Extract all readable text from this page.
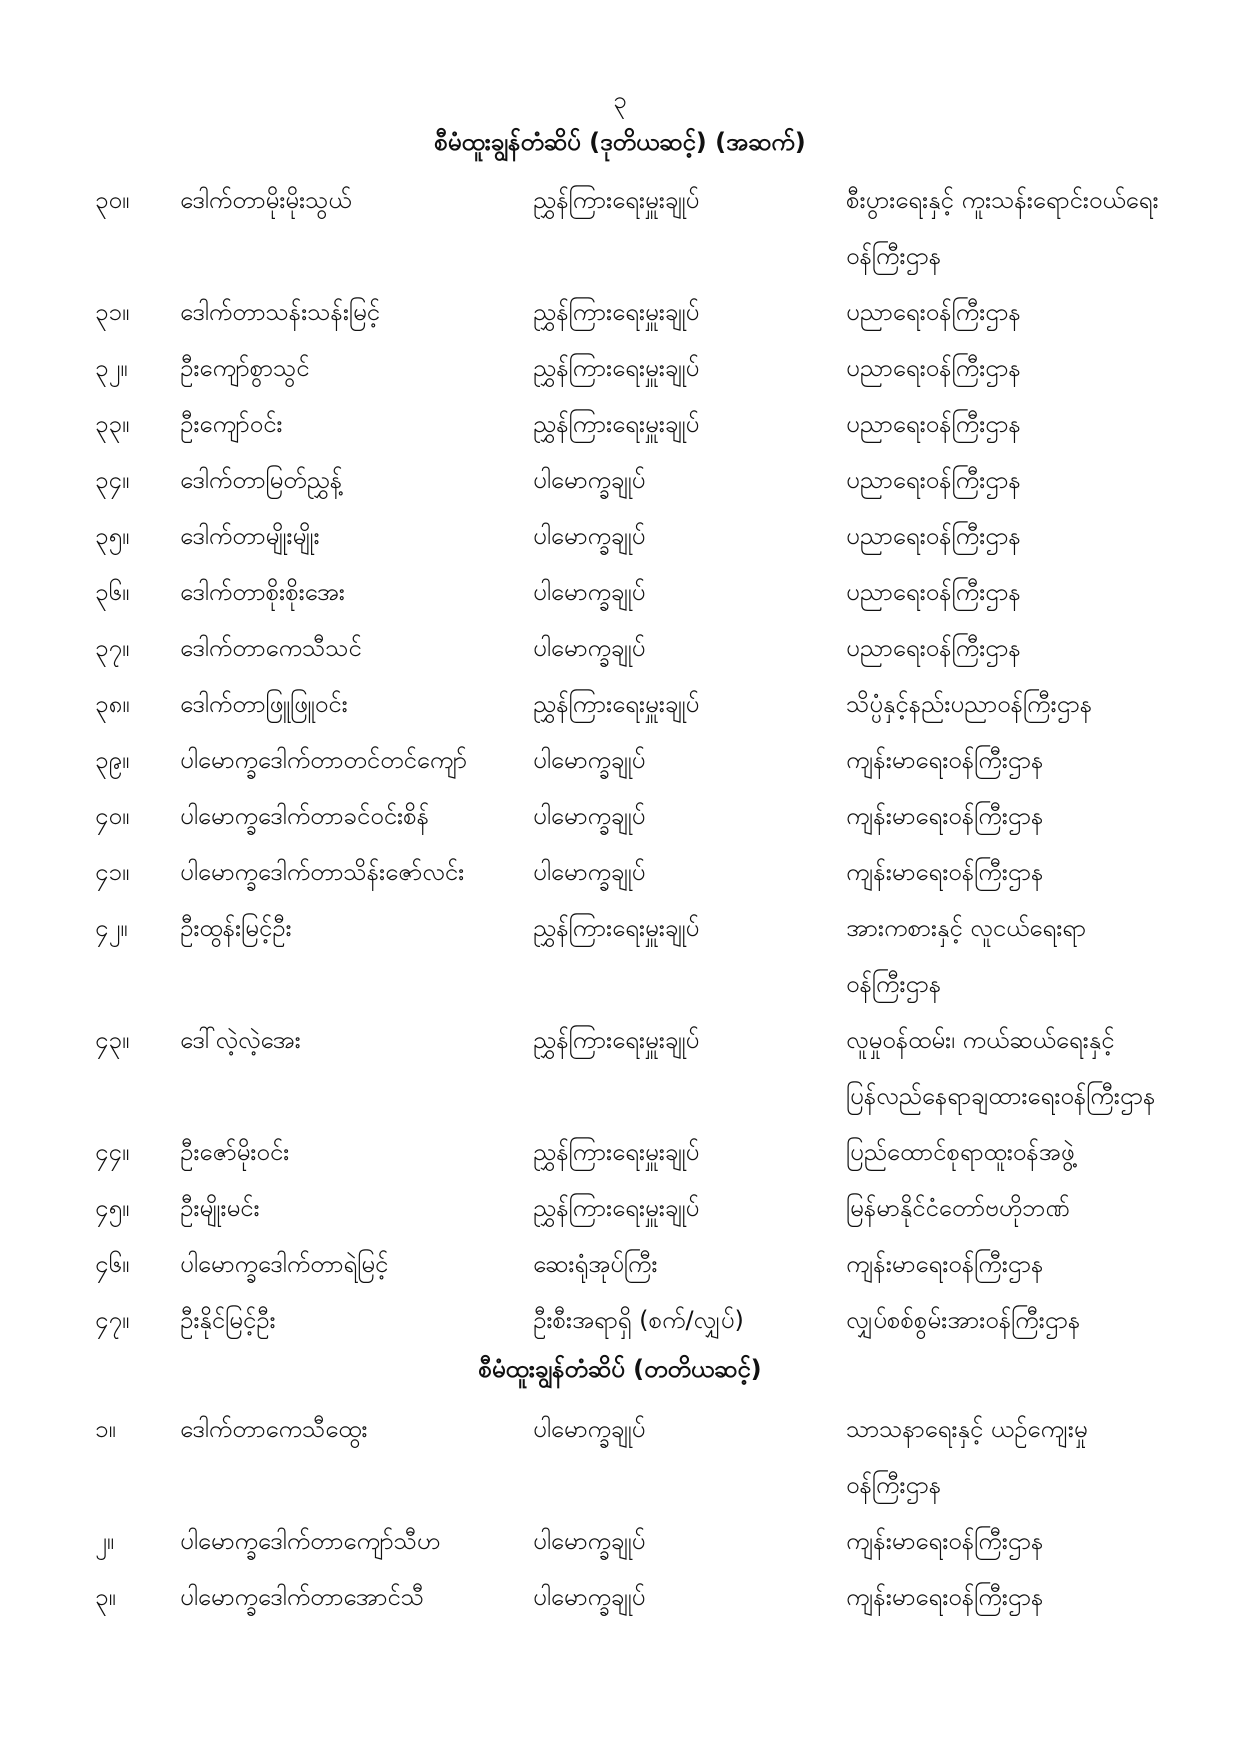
၃
စီမံထူးချွန်တံဆိပ် (ဒုတိယဆင့်) (အဆက်)
၃၀။ ဒေါက်တာမိုးမိုးသွယ်	ညွှန်ကြားရေးမှူးချုပ်	စီးပွားရေးနှင့် ကူးသန်းရောင်းဝယ်ရေး
ဝန်ကြီးဌာန
၃၁။ ဒေါက်တာသန်းသန်းမြင့်	ညွှန်ကြားရေးမှူးချုပ်	ပညာရေးဝန်ကြီးဌာန
၃၂။ ဦးကျော်စွာသွင်	ညွှန်ကြားရေးမှူးချုပ်	ပညာရေးဝန်ကြီးဌာန
၃၃။ ဦးကျော်ဝင်း	ညွှန်ကြားရေးမှူးချုပ်	ပညာရေးဝန်ကြီးဌာန
၃၄။ ဒေါက်တာမြတ်ညွှန့်	ပါမောက္ခချုပ်	ပညာရေးဝန်ကြီးဌာန
၃၅။ ဒေါက်တာမျိုးမျိုး	ပါမောက္ခချုပ်	ပညာရေးဝန်ကြီးဌာန
၃၆။ ဒေါက်တာစိုးစိုးအေး	ပါမောက္ခချုပ်	ပညာရေးဝန်ကြီးဌာန
၃၇။ ဒေါက်တာကေသီသင်	ပါမောက္ခချုပ်	ပညာရေးဝန်ကြီးဌာန
၃၈။ ဒေါက်တာဖြူဖြူဝင်း	ညွှန်ကြားရေးမှူးချုပ်	သိပ္ပံနှင့်နည်းပညာဝန်ကြီးဌာန
၃၉။ ပါမောက္ခဒေါက်တာတင်တင်ကျော်	ပါမောက္ခချုပ်	ကျန်းမာရေးဝန်ကြီးဌာန
၄၀။ ပါမောက္ခဒေါက်တာခင်ဝင်းစိန်	ပါမောက္ခချုပ်	ကျန်းမာရေးဝန်ကြီးဌာန
၄၁။ ပါမောက္ခဒေါက်တာသိန်းဇော်လင်း	ပါမောက္ခချုပ်	ကျန်းမာရေးဝန်ကြီးဌာန
၄၂။ ဦးထွန်းမြင့်ဦး	ညွှန်ကြားရေးမှူးချုပ်	အားကစားနှင့် လူငယ်ရေးရာ
ဝန်ကြီးဌာန
၄၃။ ဒေါ်လဲ့လဲ့အေး	ညွှန်ကြားရေးမှူးချုပ်	လူမှုဝန်ထမ်း၊ ကယ်ဆယ်ရေးနှင့်
ပြန်လည်နေရာချထားရေးဝန်ကြီးဌာန
၄၄။ ဦးဇော်မိုးဝင်း	ညွှန်ကြားရေးမှူးချုပ်	ပြည်ထောင်စုရာထူးဝန်အဖွဲ့
၄၅။ ဦးမျိုးမင်း	ညွှန်ကြားရေးမှူးချုပ်	မြန်မာနိုင်ငံတော်ဗဟိုဘဏ်
၄၆။ ပါမောက္ခဒေါက်တာရဲမြင့်	ဆေးရုံအုပ်ကြီး	ကျန်းမာရေးဝန်ကြီးဌာန
၄၇။ ဦးနိုင်မြင့်ဦး	ဦးစီးအရာရှိ (စက်/လျှပ်)	လျှပ်စစ်စွမ်းအားဝန်ကြီးဌာန
စီမံထူးချွန်တံဆိပ် (တတိယဆင့်)
၁။	ဒေါက်တာကေသီထွေး	ပါမောက္ခချုပ်	သာသနာရေးနှင့် ယဉ်ကျေးမှု
ဝန်ကြီးဌာန
၂။	ပါမောက္ခဒေါက်တာကျော်သီဟ	ပါမောက္ခချုပ်	ကျန်းမာရေးဝန်ကြီးဌာန
၃။	ပါမောက္ခဒေါက်တာအောင်သီ	ပါမောက္ခချုပ်	ကျန်းမာရေးဝန်ကြီးဌာန
